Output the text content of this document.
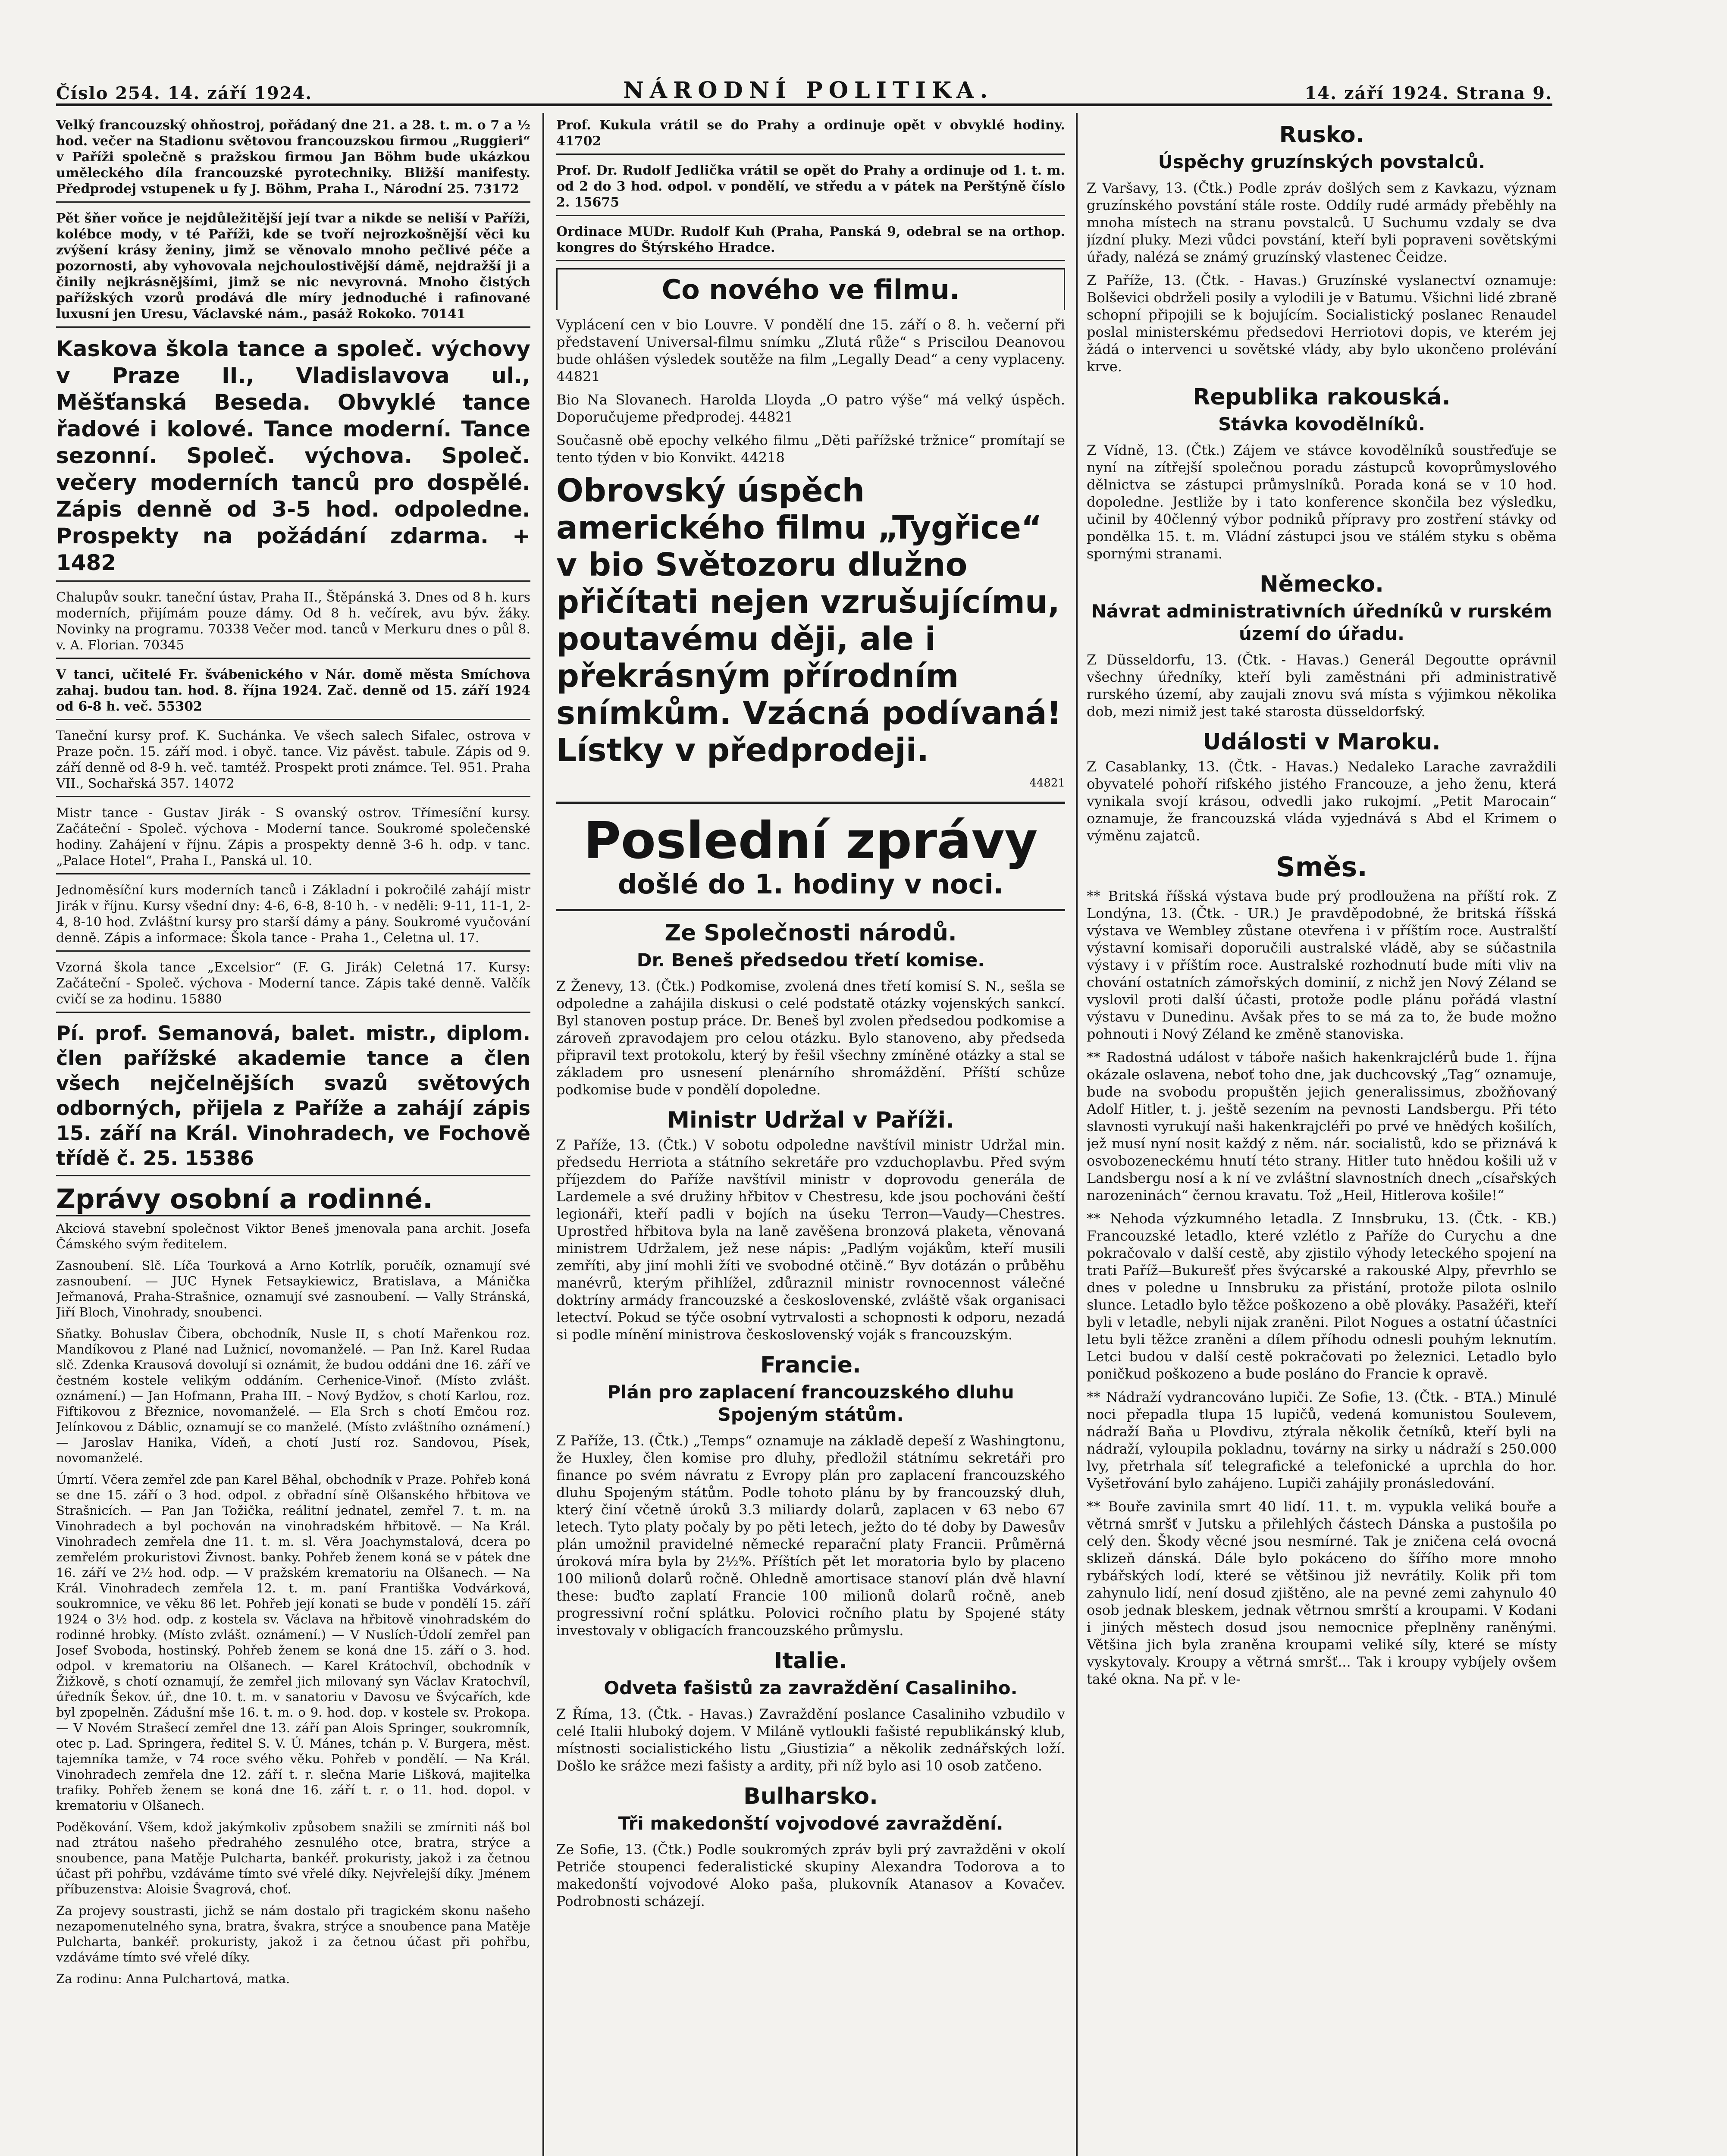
Číslo 254. 14. září 1924.	NÁRODNÍ POLITIKA.	14. září 1924. Strana 9.

Velký francouzský ohňostroj, pořádaný dne 21. a 28. t. m. o 7 a ½ hod. večer na Stadionu světovou francouzskou firmou „Ruggieri“ v Paříži společně s pražskou firmou Jan Böhm bude ukázkou uměleckého díla francouzské pyrotechniky. Bližší manifesty. Předprodej vstupenek u fy J. Böhm, Praha I., Národní 25. 73172

Pět šňer voňce je nejdůležitější její tvar a nikde se neliší v Paříži, kolébce mody, v té Paříži, kde se tvoří nejrozkošnější věci ku zvýšení krásy ženiny, jimž se věnovalo mnoho pečlivé péče a pozornosti, aby vyhovovala nejchoulostivější dámě, nejdražší ji a činily nejkrásnějšími, jimž se nic nevyrovná. Mnoho čistých pařížských vzorů prodává dle míry jednoduché i rafinované luxusní jen Uresu, Václavské nám., pasáž Rokoko. 70141

Kaskova škola tance a společ. výchovy v Praze II., Vladislavova ul., Měšťanská Beseda. Obvyklé tance řadové i kolové. Tance moderní. Tance sezonní. Společ. výchova. Společ. večery moderních tanců pro dospělé. Zápis denně od 3-5 hod. odpoledne. Prospekty na požádání zdarma. + 1482

Chalupův soukr. taneční ústav, Praha II., Štěpánská 3. Dnes od 8 h. kurs moderních, přijímám pouze dámy. Od 8 h. večírek, avu býv. žáky. Novinky na programu. 70338 Večer mod. tanců v Merkuru dnes o půl 8. v. A. Florian. 70345

V tanci, učitelé Fr. švábenického v Nár. domě města Smíchova zahaj. budou tan. hod. 8. října 1924. Zač. denně od 15. září 1924 od 6-8 h. več. 55302

Taneční kursy prof. K. Suchánka. Ve všech salech Sifalec, ostrova v Praze počn. 15. září mod. i obyč. tance. Viz pávěst. tabule. Zápis od 9. září denně od 8-9 h. več. tamtéž. Prospekt proti známce. Tel. 951. Praha VII., Sochařská 357. 14072

Mistr tance - Gustav Jirák - S ovanský ostrov. Třímesíční kursy. Začáteční - Společ. výchova - Moderní tance. Soukromé společenské hodiny. Zahájení v říjnu. Zápis a prospekty denně 3-6 h. odp. v tanc. „Palace Hotel“, Praha I., Panská ul. 10.

Jednoměsíční kurs moderních tanců i Základní i pokročilé zahájí mistr Jirák v říjnu. Kursy všední dny: 4-6, 6-8, 8-10 h. - v neděli: 9-11, 11-1, 2-4, 8-10 hod. Zvláštní kursy pro starší dámy a pány. Soukromé vyučování denně. Zápis a informace: Škola tance - Praha 1., Celetna ul. 17.

Vzorná škola tance „Excelsior“ (F. G. Jirák) Celetná 17. Kursy: Začáteční - Společ. výchova - Moderní tance. Zápis také denně. Valčík cvičí se za hodinu. 15880

Pí. prof. Semanová, balet. mistr., diplom. člen pařížské akademie tance a člen všech nejčelnějších svazů světových odborných, přijela z Paříže a zahájí zápis 15. září na Král. Vinohradech, ve Fochově třídě č. 25. 15386

Zprávy osobní a rodinné.

Akciová stavební společnost Viktor Beneš jmenovala pana archit. Josefa Čámského svým ředitelem.

Zasnoubení. Slč. Líča Tourková a Arno Kotrlík, poručík, oznamují své zasnoubení. — JUC Hynek Fetsaykiewicz, Bratislava, a Mánička Jeřmanová, Praha-Strašnice, oznamují své zasnoubení. — Vally Stránská, Jiří Bloch, Vinohrady, snoubenci.

Sňatky. Bohuslav Čibera, obchodník, Nusle II, s chotí Mařenkou roz. Mandíkovou z Plané nad Lužnicí, novomanželé. — Pan Inž. Karel Rudaa slč. Zdenka Krausová dovolují si oznámit, že budou oddáni dne 16. září ve čestném kostele velikým oddáním. Cerhenice-Vinoř. (Místo zvlášt. oznámení.) — Jan Hofmann, Praha III. – Nový Bydžov, s chotí Karlou, roz. Fiftikovou z Březnice, novomanželé. — Ela Srch s chotí Emčou roz. Jelínkovou z Dáblic, oznamují se co manželé. (Místo zvláštního oznámení.) — Jaroslav Hanika, Vídeň, a chotí Justí roz. Sandovou, Písek, novomanželé.

Úmrtí. Včera zemřel zde pan Karel Běhal, obchodník v Praze. Pohřeb koná se dne 15. září o 3 hod. odpol. z obřadní síně Olšanského hřbitova ve Strašnicích. — Pan Jan Tožička, reálitní jednatel, zemřel 7. t. m. na Vinohradech a byl pochován na vinohradském hřbitově. — Na Král. Vinohradech zemřela dne 11. t. m. sl. Věra Joachymstalová, dcera po zemřelém prokuristovi Živnost. banky. Pohřeb ženem koná se v pátek dne 16. září ve 2½ hod. odp. — V pražském krematoriu na Olšanech. — Na Král. Vinohradech zemřela 12. t. m. paní Františka Vodvárková, soukromnice, ve věku 86 let. Pohřeb její konati se bude v pondělí 15. září 1924 o 3½ hod. odp. z kostela sv. Václava na hřbitově vinohradském do rodinné hrobky. (Místo zvlášt. oznámení.) — V Nuslích-Údolí zemřel pan Josef Svoboda, hostinský. Pohřeb ženem se koná dne 15. září o 3. hod. odpol. v krematoriu na Olšanech. — Karel Krátochvíl, obchodník v Žižkově, s chotí oznamují, že zemřel jich milovaný syn Václav Kratochvíl, úředník Šekov. úř., dne 10. t. m. v sanatoriu v Davosu ve Švýcařích, kde byl zpopelněn. Zádušní mše 16. t. m. o 9. hod. dop. v kostele sv. Prokopa. — V Novém Strašecí zemřel dne 13. září pan Alois Springer, soukromník, otec p. Lad. Springera, ředitel S. V. Ú. Mánes, tchán p. V. Burgera, měst. tajemníka tamže, v 74 roce svého věku. Pohřeb v pondělí. — Na Král. Vinohradech zemřela dne 12. září t. r. slečna Marie Lišková, majitelka trafiky. Pohřeb ženem se koná dne 16. září t. r. o 11. hod. dopol. v krematoriu v Olšanech.

Poděkování. Všem, kdož jakýmkoliv způsobem snažili se zmírniti náš bol nad ztrátou našeho předrahého zesnulého otce, bratra, strýce a snoubence, pana Matěje Pulcharta, bankéř. prokuristy, jakož i za četnou účast při pohřbu, vzdáváme tímto své vřelé díky. Nejvřelejší díky. Jménem příbuzenstva: Aloisie Švagrová, choť.

Za projevy soustrasti, jichž se nám dostalo při tragickém skonu našeho nezapomenutelného syna, bratra, švakra, strýce a snoubence pana Matěje Pulcharta, bankéř. prokuristy, jakož i za četnou účast při pohřbu, vzdáváme tímto své vřelé díky.

Za rodinu: Anna Pulchartová, matka.

Prof. Kukula vrátil se do Prahy a ordinuje opět v obvyklé hodiny. 41702

Prof. Dr. Rudolf Jedlička vrátil se opět do Prahy a ordinuje od 1. t. m. od 2 do 3 hod. odpol. v pondělí, ve středu a v pátek na Perštýně číslo 2. 15675

Ordinace MUDr. Rudolf Kuh (Praha, Panská 9, odebral se na orthop. kongres do Štýrského Hradce.

Co nového ve filmu.

Vyplácení cen v bio Louvre. V pondělí dne 15. září o 8. h. večerní při představení Universal-filmu snímku „Zlutá růže“ s Priscilou Deanovou bude ohlášen výsledek soutěže na film „Legally Dead“ a ceny vyplaceny. 44821

Bio Na Slovanech. Harolda Lloyda „O patro výše“ má velký úspěch. Doporučujeme předprodej. 44821

Současně obě epochy velkého filmu „Děti pařížské tržnice“ promítají se tento týden v bio Konvikt. 44218

Obrovský úspěch amerického filmu „Tygřice“ v bio Světozoru dlužno přičítati nejen vzrušujícímu, poutavému ději, ale i překrásným přírodním snímkům. Vzácná podívaná! Lístky v předprodeji.
44821
Poslední zprávy
došlé do 1. hodiny v noci.
Ze Společnosti národů.
Dr. Beneš předsedou třetí komise.

Z Ženevy, 13. (Čtk.) Podkomise, zvolená dnes třetí komisí S. N., sešla se odpoledne a zahájila diskusi o celé podstatě otázky vojenských sankcí. Byl stanoven postup práce. Dr. Beneš byl zvolen předsedou podkomise a zároveň zpravodajem pro celou otázku. Bylo stanoveno, aby předseda připravil text protokolu, který by řešil všechny zmíněné otázky a stal se základem pro usnesení plenárního shromáždění. Příští schůze podkomise bude v pondělí dopoledne.

Ministr Udržal v Paříži.

Z Paříže, 13. (Čtk.) V sobotu odpoledne navštívil ministr Udržal min. předsedu Herriota a státního sekretáře pro vzduchoplavbu. Před svým příjezdem do Paříže navštívil ministr v doprovodu generála de Lardemele a své družiny hřbitov v Chestresu, kde jsou pochováni čeští legionáři, kteří padli v bojích na úseku Terron—Vaudy—Chestres. Uprostřed hřbitova byla na laně zavěšena bronzová plaketa, věnovaná ministrem Udržalem, jež nese nápis: „Padlým vojákům, kteří musili zemříti, aby jiní mohli žíti ve svobodné otčině.“ Byv dotázán o průběhu manévrů, kterým přihlížel, zdůraznil ministr rovnocennost válečné doktríny armády francouzské a československé, zvláště však organisaci letectví. Pokud se týče osobní vytrvalosti a schopnosti k odporu, nezadá si podle mínění ministrova československý voják s francouzským.

Francie.
Plán pro zaplacení francouzského dluhu Spojeným státům.

Z Paříže, 13. (Čtk.) „Temps“ oznamuje na základě depeší z Washingtonu, že Huxley, člen komise pro dluhy, předložil státnímu sekretáři pro finance po svém návratu z Evropy plán pro zaplacení francouzského dluhu Spojeným státům. Podle tohoto plánu by by francouzský dluh, který činí včetně úroků 3.3 miliardy dolarů, zaplacen v 63 nebo 67 letech. Tyto platy počaly by po pěti letech, ježto do té doby by Dawesův plán umožnil pravidelné německé reparační platy Francii. Průměrná úroková míra byla by 2½%. Příštích pět let moratoria bylo by placeno 100 milionů dolarů ročně. Ohledně amortisace stanoví plán dvě hlavní these: buďto zaplatí Francie 100 milionů dolarů ročně, aneb progressivní roční splátku. Polovici ročního platu by Spojené státy investovaly v obligacích francouzského průmyslu.

Italie.
Odveta fašistů za zavraždění Casaliniho.

Z Říma, 13. (Čtk. - Havas.) Zavraždění poslance Casaliniho vzbudilo v celé Italii hluboký dojem. V Miláně vytloukli fašisté republikánský klub, místnosti socialistického listu „Giustizia“ a několik zednářských loží. Došlo ke srážce mezi fašisty a ardity, při níž bylo asi 10 osob zatčeno.

Bulharsko.
Tři makedonští vojvodové zavraždění.

Ze Sofie, 13. (Čtk.) Podle soukromých zpráv byli prý zavražděni v okolí Petriče stoupenci federalistické skupiny Alexandra Todorova a to makedonští vojvodové Aloko paša, plukovník Atanasov a Kovačev. Podrobnosti scházejí.

Rusko.
Úspěchy gruzínských povstalců.

Z Varšavy, 13. (Čtk.) Podle zpráv došlých sem z Kavkazu, význam gruzínského povstání stále roste. Oddíly rudé armády přeběhly na mnoha místech na stranu povstalců. U Suchumu vzdaly se dva jízdní pluky. Mezi vůdci povstání, kteří byli popraveni sovětskými úřady, nalézá se známý gruzínský vlastenec Čeidze.

Z Paříže, 13. (Čtk. - Havas.) Gruzínské vyslanectví oznamuje: Bolševici obdrželi posily a vylodili je v Batumu. Všichni lidé zbraně schopní připojili se k bojujícím. Socialistický poslanec Renaudel poslal ministerskému předsedovi Herriotovi dopis, ve kterém jej žádá o intervenci u sovětské vlády, aby bylo ukončeno prolévání krve.

Republika rakouská.
Stávka kovodělníků.

Z Vídně, 13. (Čtk.) Zájem ve stávce kovodělníků soustřeďuje se nyní na zítřejší společnou poradu zástupců kovoprůmyslového dělnictva se zástupci průmyslníků. Porada koná se v 10 hod. dopoledne. Jestliže by i tato konference skončila bez výsledku, učinil by 40členný výbor podniků přípravy pro zostření stávky od pondělka 15. t. m. Vládní zástupci jsou ve stálém styku s oběma spornými stranami.

Německo.
Návrat administrativních úředníků v rurském území do úřadu.

Z Düsseldorfu, 13. (Čtk. - Havas.) Generál Degoutte oprávnil všechny úředníky, kteří byli zaměstnáni při administrativě rurského území, aby zaujali znovu svá místa s výjimkou několika dob, mezi nimiž jest také starosta düsseldorfský.

Události v Maroku.

Z Casablanky, 13. (Čtk. - Havas.) Nedaleko Larache zavraždili obyvatelé pohoří rifského jistého Francouze, a jeho ženu, která vynikala svojí krásou, odvedli jako rukojmí. „Petit Marocain“ oznamuje, že francouzská vláda vyjednává s Abd el Krimem o výměnu zajatců.

Směs.

** Britská říšská výstava bude prý prodloužena na příští rok. Z Londýna, 13. (Čtk. - UR.) Je pravděpodobné, že britská říšská výstava ve Wembley zůstane otevřena i v příštím roce. Australští výstavní komisaři doporučili australské vládě, aby se súčastnila výstavy i v příštím roce. Australské rozhodnutí bude míti vliv na chování ostatních zámořských dominií, z nichž jen Nový Zéland se vyslovil proti další účasti, protože podle plánu pořádá vlastní výstavu v Dunedinu. Avšak přes to se má za to, že bude možno pohnouti i Nový Zéland ke změně stanoviska.

** Radostná událost v táboře našich hakenkrajclérů bude 1. října okázale oslavena, neboť toho dne, jak duchcovský „Tag“ oznamuje, bude na svobodu propuštěn jejich generalissimus, zbožňovaný Adolf Hitler, t. j. ještě sezením na pevnosti Landsbergu. Při této slavnosti vyrukují naši hakenkrajcléři po prvé ve hnědých košilích, jež musí nyní nosit každý z něm. nár. socialistů, kdo se přiznává k osvobozeneckému hnutí této strany. Hitler tuto hnědou košili už v Landsbergu nosí a k ní ve zvláštní slavnostních dnech „císařských narozeninách“ černou kravatu. Tož „Heil, Hitlerova košile!“

** Nehoda výzkumného letadla. Z Innsbruku, 13. (Čtk. - KB.) Francouzské letadlo, které vzlétlo z Paříže do Curychu a dne pokračovalo v další cestě, aby zjistilo výhody leteckého spojení na trati Paříž—Bukurešť přes švýcarské a rakouské Alpy, převrhlo se dnes v poledne u Innsbruku za přistání, protože pilota oslnilo slunce. Letadlo bylo těžce poškozeno a obě plováky. Pasažéři, kteří byli v letadle, nebyli nijak zraněni. Pilot Nogues a ostatní účastníci letu byli těžce zraněni a dílem příhodu odnesli pouhým leknutím. Letci budou v další cestě pokračovati po železnici. Letadlo bylo poničkud poškozeno a bude posláno do Francie k opravě.

** Nádraží vydrancováno lupiči. Ze Sofie, 13. (Čtk. - BTA.) Minulé noci přepadla tlupa 15 lupičů, vedená komunistou Soulevem, nádraží Baňa u Plovdivu, ztýrala několik četníků, kteří byli na nádraží, vyloupila pokladnu, továrny na sirky u nádraží s 250.000 lvy, přetrhala síť telegrafické a telefonické a uprchla do hor. Vyšetřování bylo zahájeno. Lupiči zahájily pronásledování.

** Bouře zavinila smrt 40 lidí. 11. t. m. vypukla veliká bouře a větrná smršť v Jutsku a přilehlých částech Dánska a pustošila po celý den. Škody věcné jsou nesmírné. Tak je zničena celá ovocná sklizeň dánská. Dále bylo pokáceno do šířího more mnoho rybářských lodí, které se většinou již nevrátily. Kolik při tom zahynulo lidí, není dosud zjištěno, ale na pevné zemi zahynulo 40 osob jednak bleskem, jednak větrnou smrští a kroupami. V Kodani i jiných městech dosud jsou nemocnice přeplněny raněnými. Většina jich byla zraněna kroupami veliké síly, které se místy vyskytovaly. Kroupy a větrná smršť... Tak i kroupy vybíjely ovšem také okna. Na př. v le-
